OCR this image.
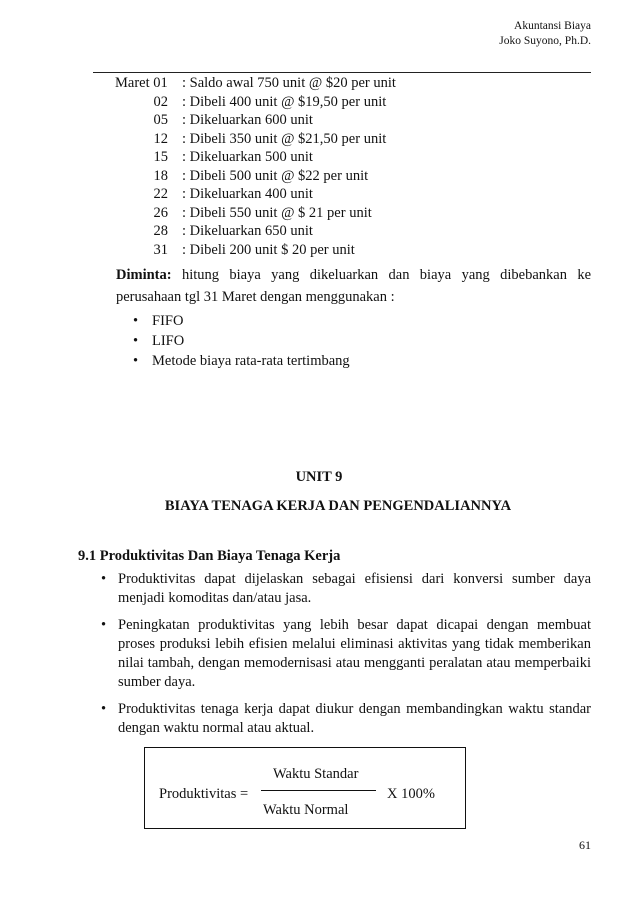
Akuntansi Biaya
Joko Suyono, Ph.D.
Maret 01 : Saldo awal 750 unit @ $20 per unit
02 : Dibeli 400 unit @ $19,50 per unit
05 : Dikeluarkan 600 unit
12 : Dibeli 350 unit @ $21,50 per unit
15 : Dikeluarkan 500 unit
18 : Dibeli 500 unit @ $22 per unit
22 : Dikeluarkan 400 unit
26 : Dibeli 550 unit @ $ 21 per unit
28 : Dikeluarkan 650 unit
31 : Dibeli 200 unit $ 20 per unit
Diminta: hitung biaya yang dikeluarkan dan biaya yang dibebankan ke
perusahaan tgl 31 Maret dengan menggunakan :
• FIFO
• LIFO
• Metode biaya rata-rata tertimbang
UNIT 9
BIAYA TENAGA KERJA DAN PENGENDALIANNYA
9.1 Produktivitas Dan Biaya Tenaga Kerja
• Produktivitas dapat dijelaskan sebagai efisiensi dari konversi sumber daya menjadi komoditas dan/atau jasa.
• Peningkatan produktivitas yang lebih besar dapat dicapai dengan membuat proses produksi lebih efisien melalui eliminasi aktivitas yang tidak memberikan nilai tambah, dengan memodernisasi atau mengganti peralatan atau memperbaiki sumber daya.
• Produktivitas tenaga kerja dapat diukur dengan membandingkan waktu standar dengan waktu normal atau aktual.
Produktivitas =
Waktu Standar
Waktu Normal
X 100%
61
